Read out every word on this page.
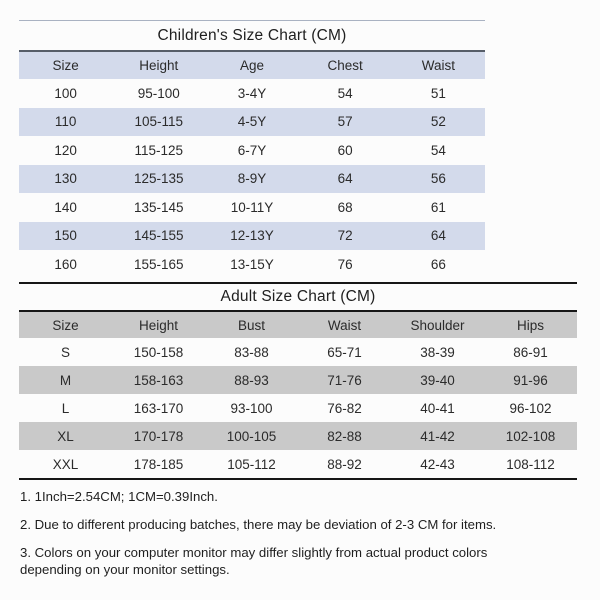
Children's Size Chart (CM)
Size	Height	Age	Chest	Waist
100	95-100	3-4Y	54	51
110	105-115	4-5Y	57	52
120	115-125	6-7Y	60	54
130	125-135	8-9Y	64	56
140	135-145	10-11Y	68	61
150	145-155	12-13Y	72	64
160	155-165	13-15Y	76	66
Adult Size Chart (CM)
Size	Height	Bust	Waist	Shoulder	Hips
S	150-158	83-88	65-71	38-39	86-91
M	158-163	88-93	71-76	39-40	91-96
L	163-170	93-100	76-82	40-41	96-102
XL	170-178	100-105	82-88	41-42	102-108
XXL	178-185	105-112	88-92	42-43	108-112

1. 1Inch=2.54CM; 1CM=0.39Inch.

2. Due to different producing batches, there may be deviation of 2-3 CM for items.

3. Colors on your computer monitor may differ slightly from actual product colors depending on your monitor settings.
